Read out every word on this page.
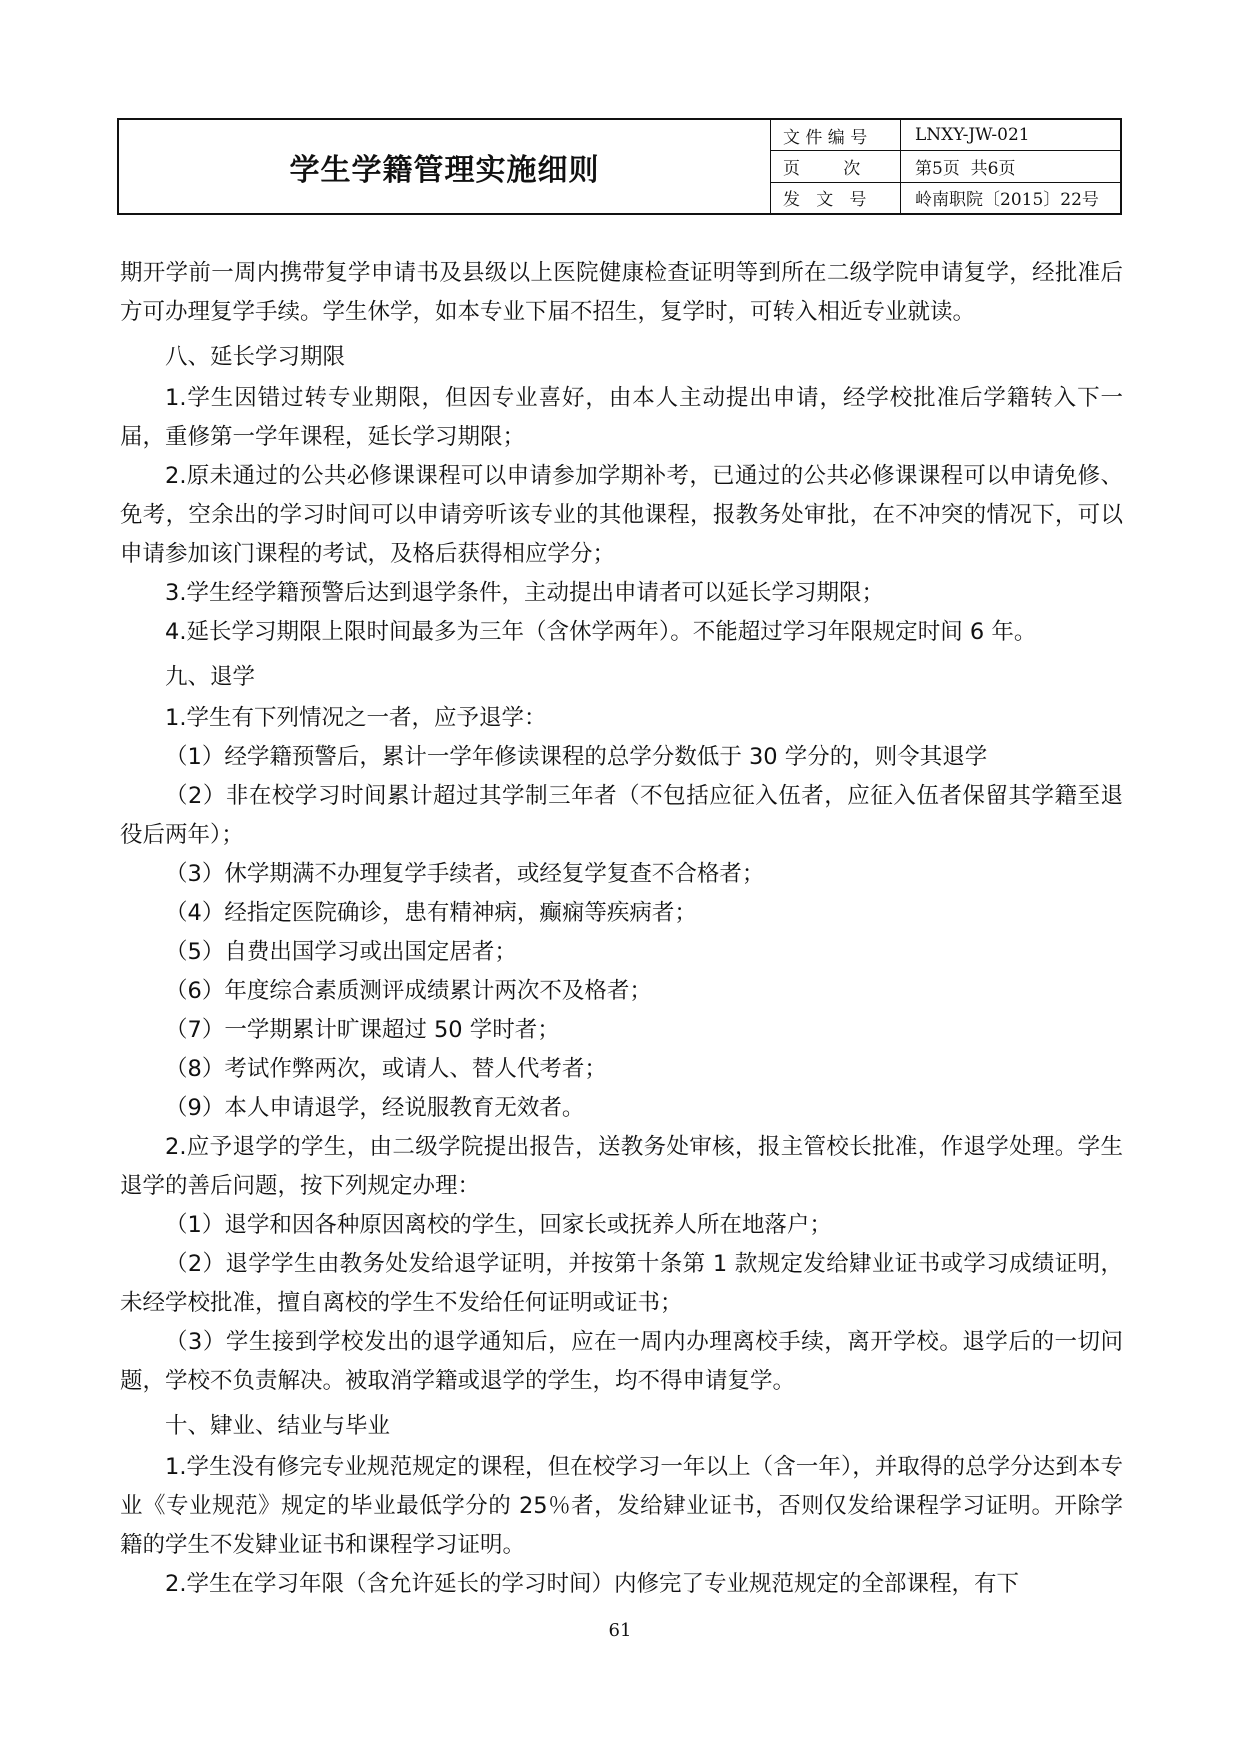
学生学籍管理实施细则
文 件 编 号	LNXY-JW-021
页        次	第5页  共6页
发   文   号	岭南职院〔2015〕22号

期开学前一周内携带复学申请书及县级以上医院健康检查证明等到所在二级学院申请复学，经批准后方可办理复学手续。学生休学，如本专业下届不招生，复学时，可转入相近专业就读。

八、延长学习期限

1.学生因错过转专业期限，但因专业喜好，由本人主动提出申请，经学校批准后学籍转入下一届，重修第一学年课程，延长学习期限；

2.原未通过的公共必修课课程可以申请参加学期补考，已通过的公共必修课课程可以申请免修、免考，空余出的学习时间可以申请旁听该专业的其他课程，报教务处审批，在不冲突的情况下，可以申请参加该门课程的考试，及格后获得相应学分；

3.学生经学籍预警后达到退学条件，主动提出申请者可以延长学习期限；

4.延长学习期限上限时间最多为三年（含休学两年）。不能超过学习年限规定时间 6 年。

九、退学

1.学生有下列情况之一者，应予退学：

（1）经学籍预警后，累计一学年修读课程的总学分数低于 30 学分的，则令其退学

（2）非在校学习时间累计超过其学制三年者（不包括应征入伍者，应征入伍者保留其学籍至退役后两年）；

（3）休学期满不办理复学手续者，或经复学复查不合格者；

（4）经指定医院确诊，患有精神病，癫痫等疾病者；

（5）自费出国学习或出国定居者；

（6）年度综合素质测评成绩累计两次不及格者；

（7）一学期累计旷课超过 50 学时者；

（8）考试作弊两次，或请人、替人代考者；

（9）本人申请退学，经说服教育无效者。

2.应予退学的学生，由二级学院提出报告，送教务处审核，报主管校长批准，作退学处理。学生退学的善后问题，按下列规定办理：

（1）退学和因各种原因离校的学生，回家长或抚养人所在地落户；

（2）退学学生由教务处发给退学证明，并按第十条第 1 款规定发给肄业证书或学习成绩证明，未经学校批准，擅自离校的学生不发给任何证明或证书；

（3）学生接到学校发出的退学通知后，应在一周内办理离校手续，离开学校。退学后的一切问题，学校不负责解决。被取消学籍或退学的学生，均不得申请复学。

十、肄业、结业与毕业

1.学生没有修完专业规范规定的课程，但在校学习一年以上（含一年），并取得的总学分达到本专业《专业规范》规定的毕业最低学分的 25％者，发给肄业证书，否则仅发给课程学习证明。开除学籍的学生不发肄业证书和课程学习证明。

2.学生在学习年限（含允许延长的学习时间）内修完了专业规范规定的全部课程，有下

61
